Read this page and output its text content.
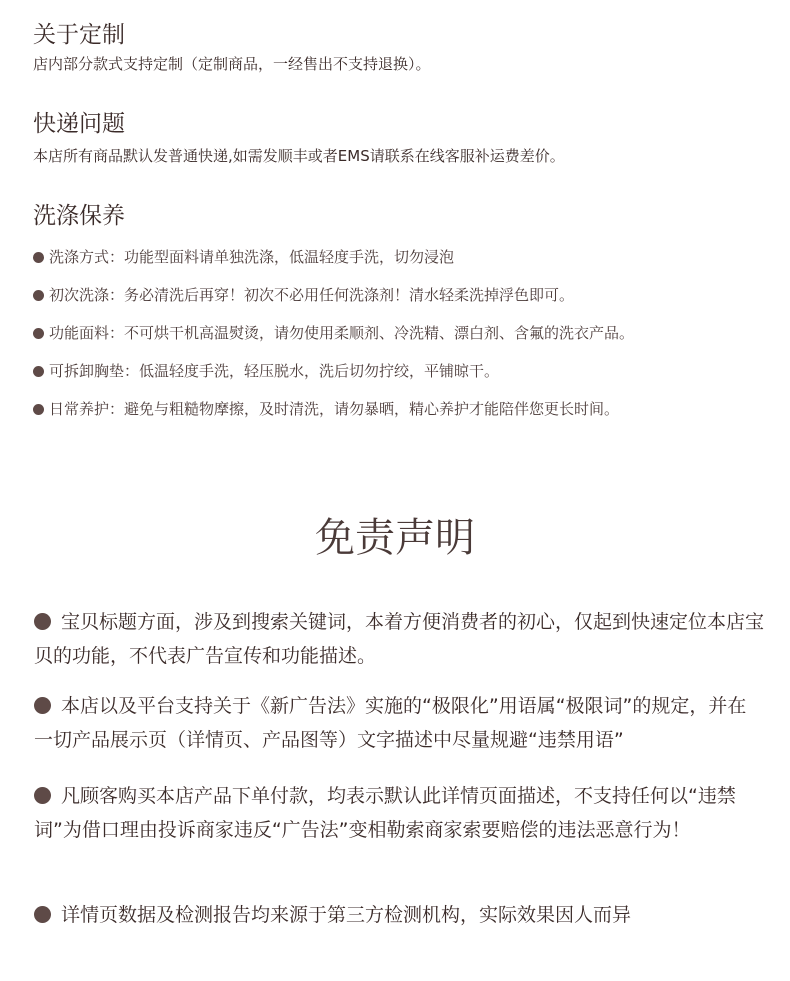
关于定制

店内部分款式支持定制（定制商品，一经售出不支持退换）。

快递问题

本店所有商品默认发普通快递,如需发顺丰或者EMS请联系在线客服补运费差价。

洗涤保养
洗涤方式：功能型面料请单独洗涤，低温轻度手洗，切勿浸泡
初次洗涤：务必清洗后再穿！初次不必用任何洗涤剂！清水轻柔洗掉浮色即可。
功能面料：不可烘干机高温熨烫，请勿使用柔顺剂、冷洗精、漂白剂、含氟的洗衣产品。
可拆卸胸垫：低温轻度手洗，轻压脱水，洗后切勿拧绞，平铺晾干。
日常养护：避免与粗糙物摩擦，及时清洗，请勿暴晒，精心养护才能陪伴您更长时间。
免责声明
宝贝标题方面，涉及到搜索关键词，本着方便消费者的初心，仅起到快速定位本店宝贝的功能，不代表广告宣传和功能描述。
本店以及平台支持关于《新广告法》实施的“极限化”用语属“极限词”的规定，并在一切产品展示页（详情页、产品图等）文字描述中尽量规避“违禁用语”
凡顾客购买本店产品下单付款，均表示默认此详情页面描述，不支持任何以“违禁词”为借口理由投诉商家违反“广告法”变相勒索商家索要赔偿的违法恶意行为！
详情页数据及检测报告均来源于第三方检测机构，实际效果因人而异
